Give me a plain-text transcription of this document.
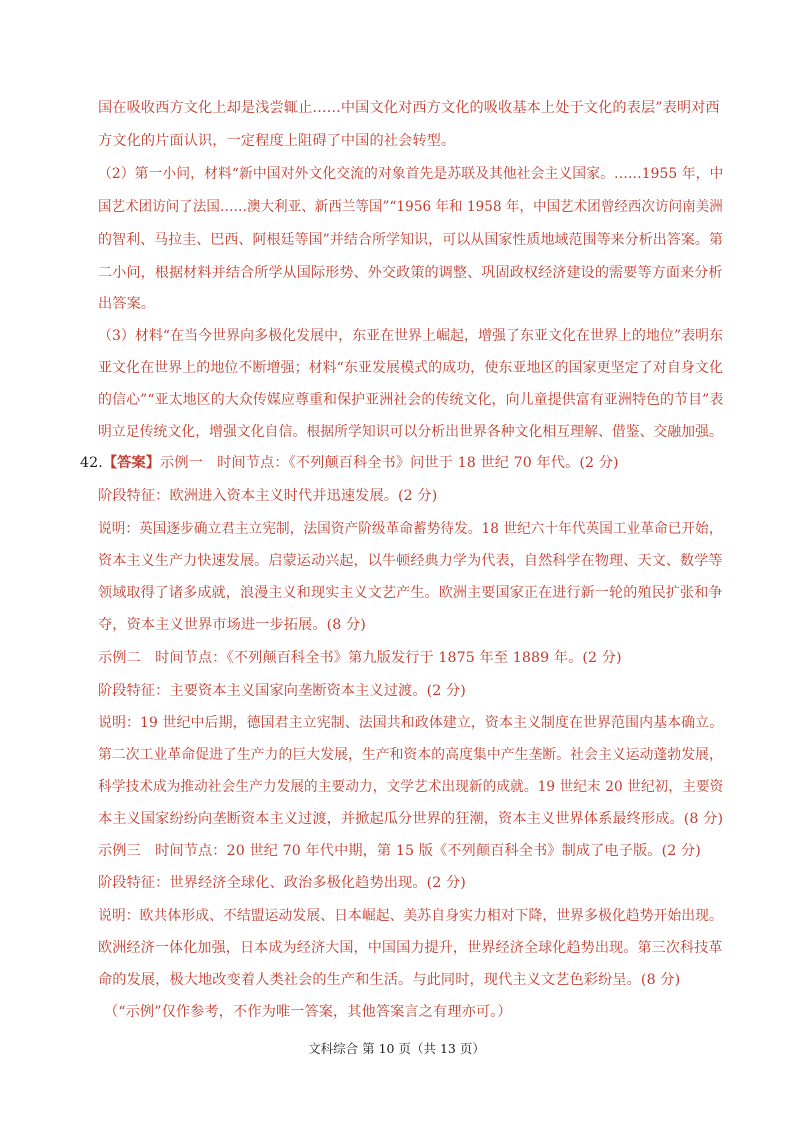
国在吸收西方文化上却是浅尝辄止……中国文化对西方文化的吸收基本上处于文化的表层”表明对西
方文化的片面认识，一定程度上阻碍了中国的社会转型。
（2）第一小问，材料“新中国对外文化交流的对象首先是苏联及其他社会主义国家。……1955 年，中
国艺术团访问了法国……澳大利亚、新西兰等国”“1956 年和 1958 年，中国艺术团曾经西次访问南美洲
的智利、马拉圭、巴西、阿根廷等国”并结合所学知识，可以从国家性质地域范围等来分析出答案。第
二小问，根据材料并结合所学从国际形势、外交政策的调整、巩固政权经济建设的需要等方面来分析
出答案。
（3）材料“在当今世界向多极化发展中，东亚在世界上崛起，增强了东亚文化在世界上的地位”表明东
亚文化在世界上的地位不断增强；材料“东亚发展模式的成功，使东亚地区的国家更坚定了对自身文化
的信心”“亚太地区的大众传媒应尊重和保护亚洲社会的传统文化，向儿童提供富有亚洲特色的节目”表
明立足传统文化，增强文化自信。根据所学知识可以分析出世界各种文化相互理解、借鉴、交融加强。
42.【答案】示例一　时间节点：《不列颠百科全书》问世于 18 世纪 70 年代。(2 分)
阶段特征：欧洲进入资本主义时代并迅速发展。(2 分)
说明：英国逐步确立君主立宪制，法国资产阶级革命蓄势待发。18 世纪六十年代英国工业革命已开始，
资本主义生产力快速发展。启蒙运动兴起，以牛顿经典力学为代表，自然科学在物理、天文、数学等
领域取得了诸多成就，浪漫主义和现实主义文艺产生。欧洲主要国家正在进行新一轮的殖民扩张和争
夺，资本主义世界市场进一步拓展。(8 分)
示例二　时间节点：《不列颠百科全书》第九版发行于 1875 年至 1889 年。(2 分)
阶段特征：主要资本主义国家向垄断资本主义过渡。(2 分)
说明：19 世纪中后期，德国君主立宪制、法国共和政体建立，资本主义制度在世界范围内基本确立。
第二次工业革命促进了生产力的巨大发展，生产和资本的高度集中产生垄断。社会主义运动蓬勃发展，
科学技术成为推动社会生产力发展的主要动力，文学艺术出现新的成就。19 世纪末 20 世纪初，主要资
本主义国家纷纷向垄断资本主义过渡，并掀起瓜分世界的狂潮，资本主义世界体系最终形成。(8 分)
示例三　时间节点：20 世纪 70 年代中期，第 15 版《不列颠百科全书》制成了电子版。(2 分)
阶段特征：世界经济全球化、政治多极化趋势出现。(2 分)
说明：欧共体形成、不结盟运动发展、日本崛起、美苏自身实力相对下降，世界多极化趋势开始出现。
欧洲经济一体化加强，日本成为经济大国，中国国力提升，世界经济全球化趋势出现。第三次科技革
命的发展，极大地改变着人类社会的生产和生活。与此同时，现代主义文艺色彩纷呈。(8 分)
（“示例”仅作参考，不作为唯一答案，其他答案言之有理亦可。）
文科综合 第 10 页（共 13 页）
